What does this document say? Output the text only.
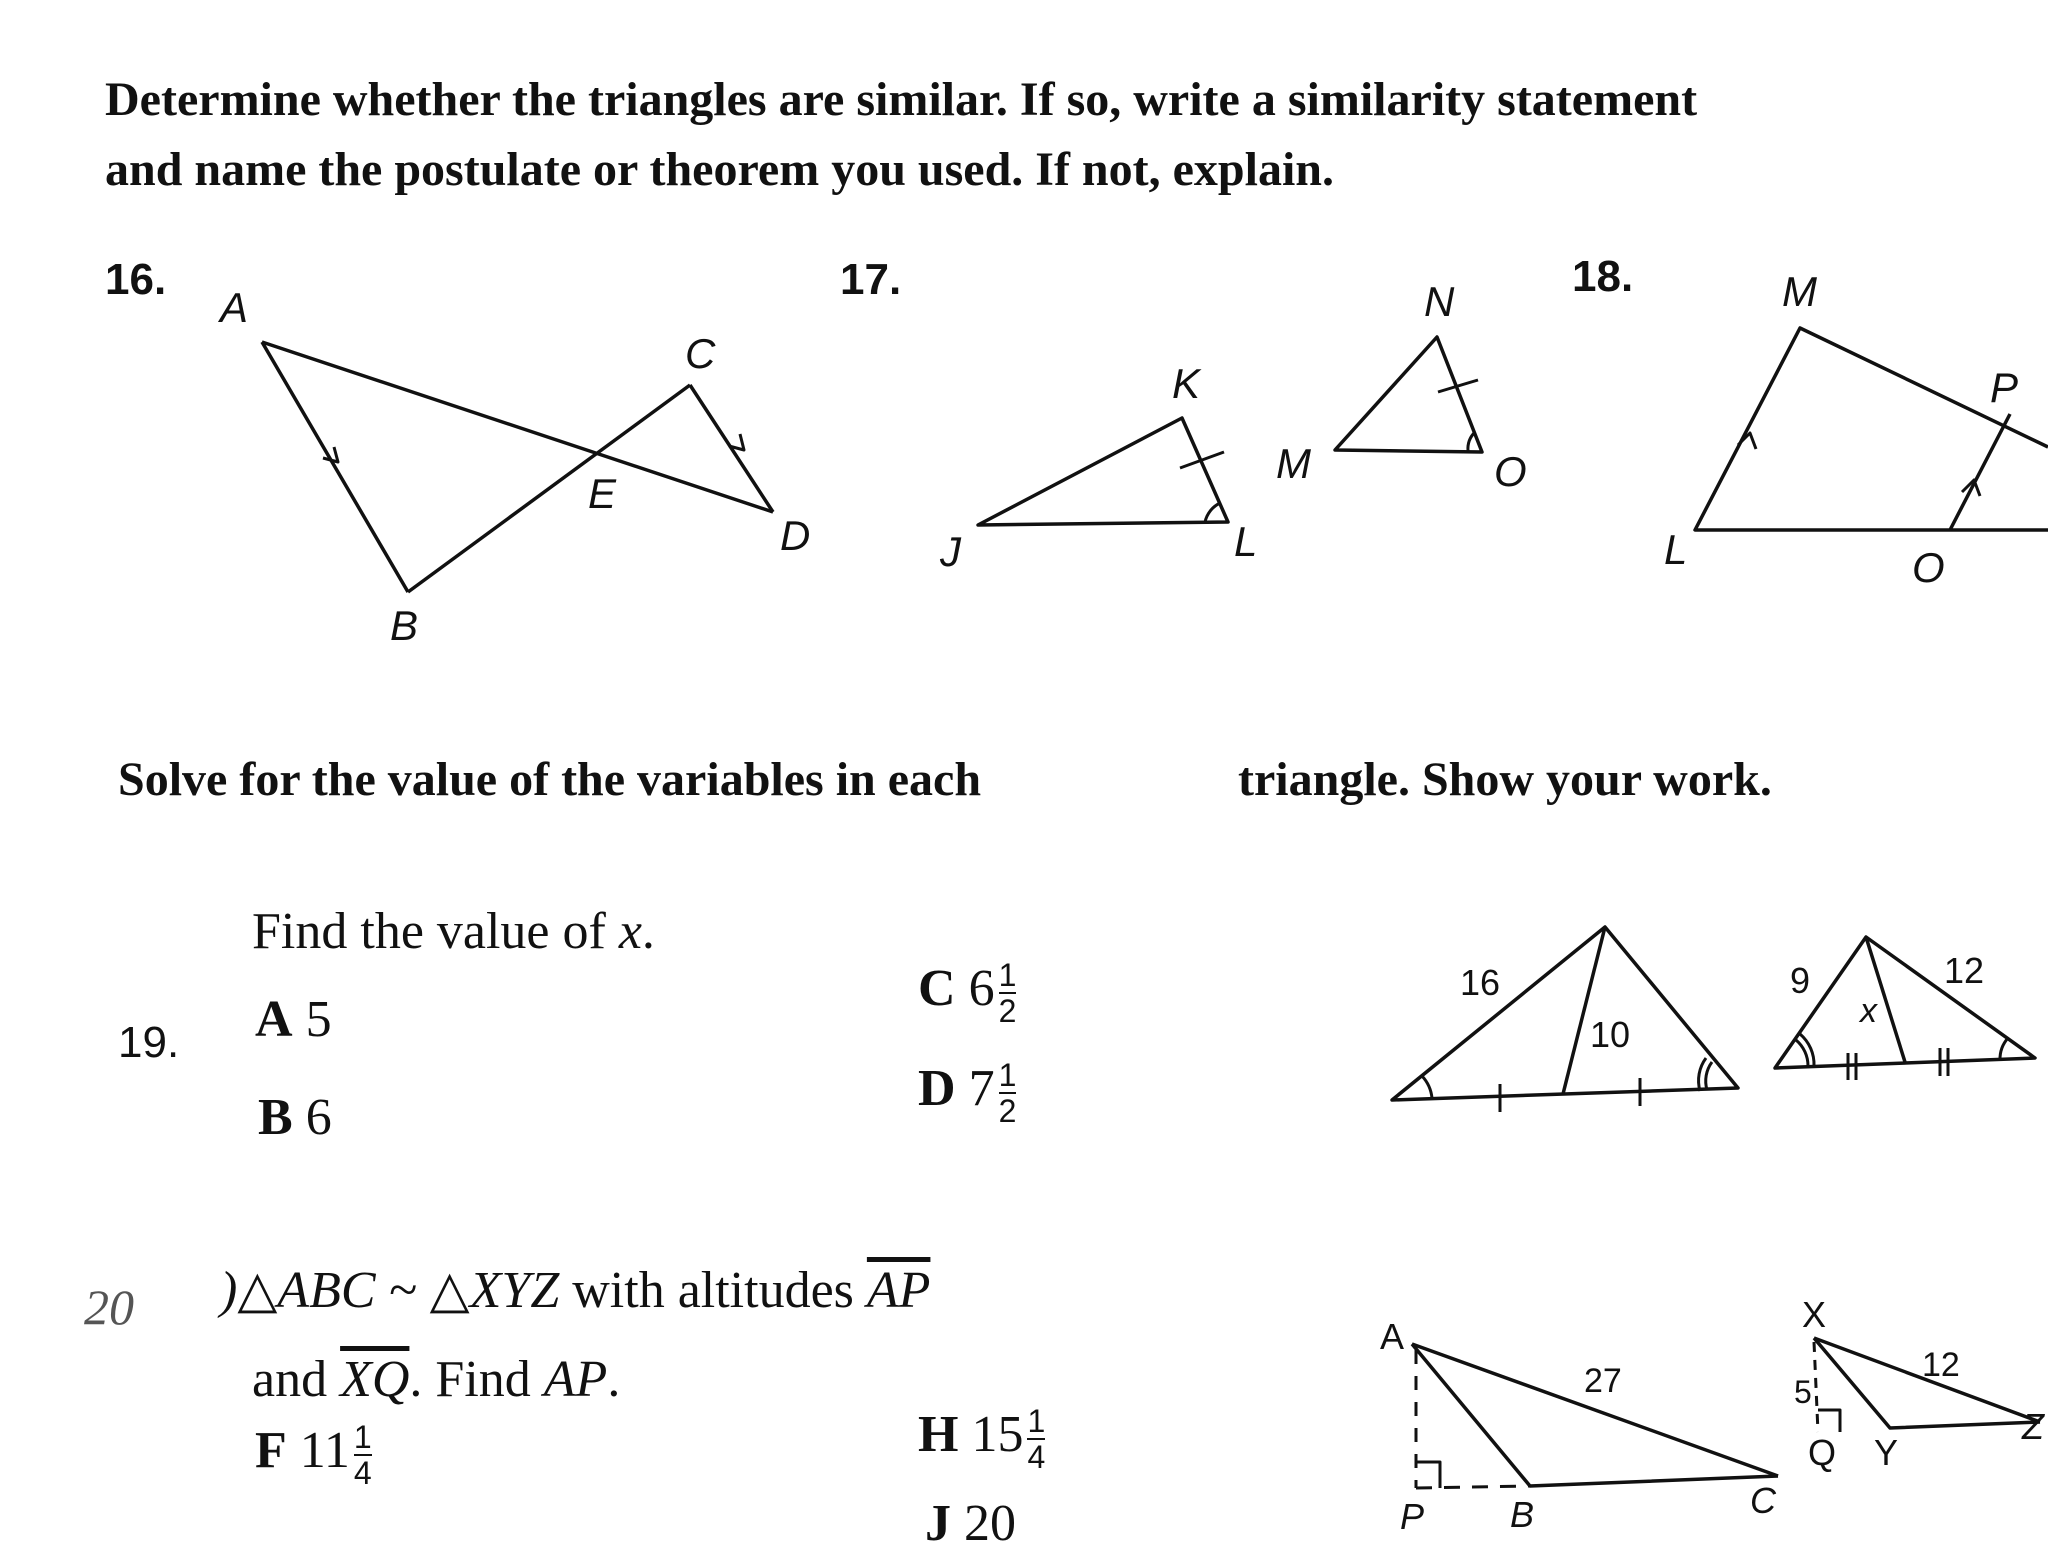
Determine whether the triangles are similar. If so, write a similarity statement
and name the postulate or theorem you used. If not, explain.
16.	17.	18.
A
B
C
D
E
J
K
L
M
N
O
M
L
P
O
Solve for the value of the variables in each	triangle. Show your work.
19.
Find the value of x.
A 5
B 6
C $6 \frac{1}{2}$
D $7 \frac{1}{2}$
16
10
9	12
x
20 )△ABC ~ △XYZ with altitudes $\overline{AP}$
and $\overline{XQ}$. Find AP.
F $11 \frac{1}{4}$	H $15 \frac{1}{4}$
J 20
A
P B	C
27
X
5
Q Y
12
Z
